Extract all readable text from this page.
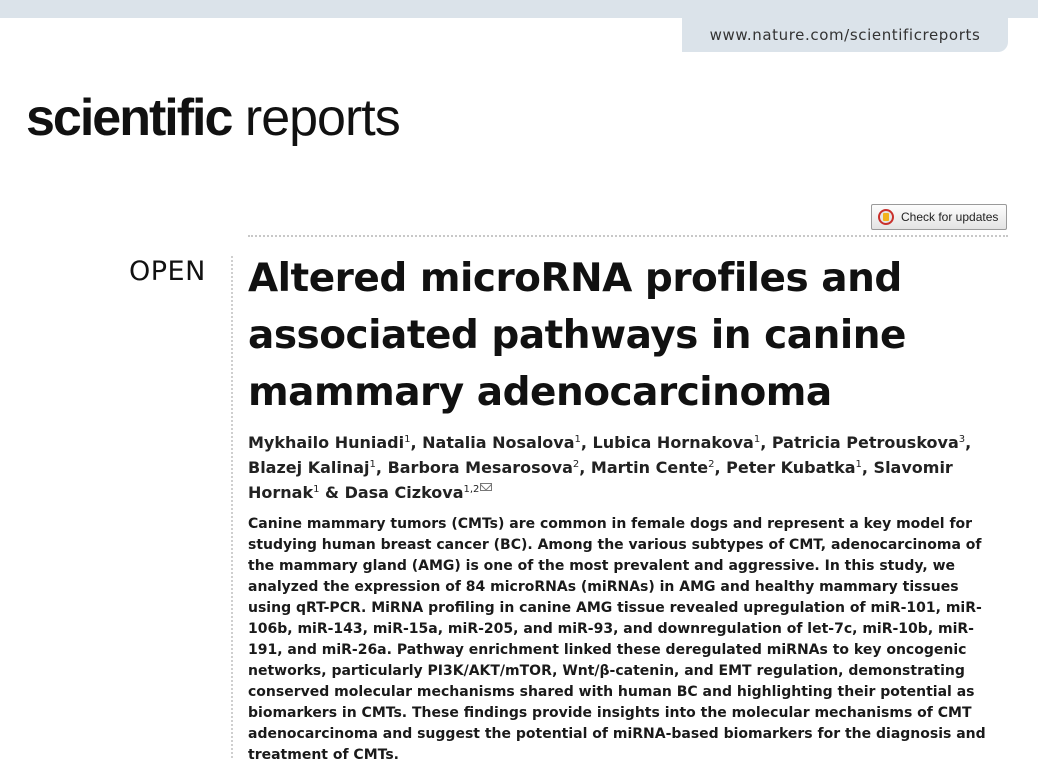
www.nature.com/scientificreports
scientific reports
Check for updates
OPEN Altered microRNA profiles and associated pathways in canine mammary adenocarcinoma

Mykhailo Huniadi$^1$, Natalia Nosalova$^1$, Lubica Hornakova$^1$, Patricia Petrouskova$^3$, Blazej Kalinaj$^1$, Barbora Mesarosova$^2$, Martin Cente$^2$, Peter Kubatka$^1$, Slavomir Hornak$^1$ & Dasa Cizkova$^{1,2}$

Canine mammary tumors (CMTs) are common in female dogs and represent a key model for studying human breast cancer (BC). Among the various subtypes of CMT, adenocarcinoma of the mammary gland (AMG) is one of the most prevalent and aggressive. In this study, we analyzed the expression of 84 microRNAs (miRNAs) in AMG and healthy mammary tissues using qRT-PCR. MiRNA profiling in canine AMG tissue revealed upregulation of miR-101, miR-106b, miR-143, miR-15a, miR-205, and miR-93, and downregulation of let-7c, miR-10b, miR-191, and miR-26a. Pathway enrichment linked these deregulated miRNAs to key oncogenic networks, particularly PI3K/AKT/mTOR, Wnt/β-catenin, and EMT regulation, demonstrating conserved molecular mechanisms shared with human BC and highlighting their potential as biomarkers in CMTs. These findings provide insights into the molecular mechanisms of CMT adenocarcinoma and suggest the potential of miRNA-based biomarkers for the diagnosis and treatment of CMTs.
